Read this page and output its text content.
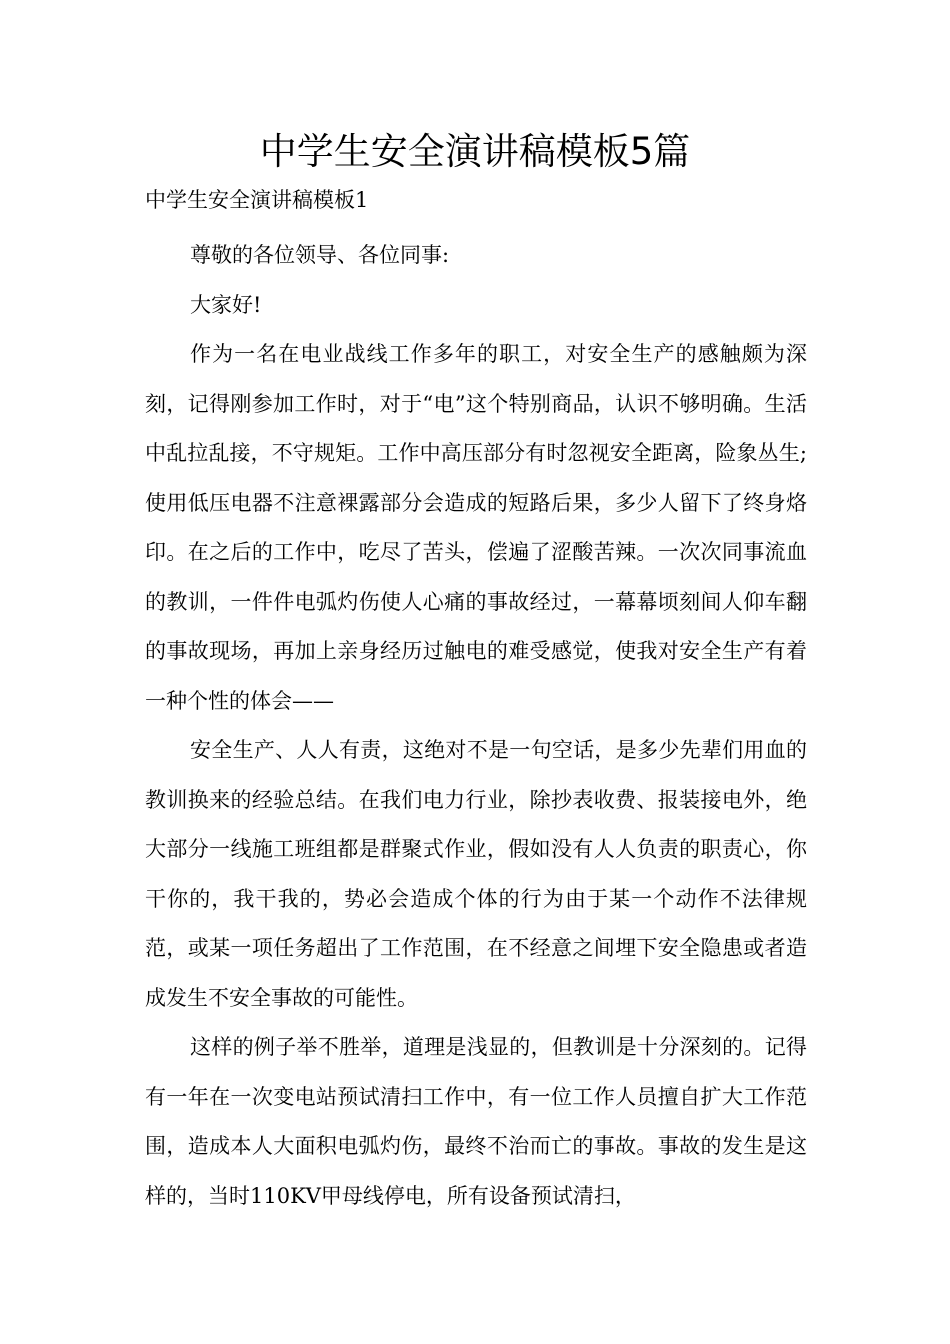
中学生安全演讲稿模板5篇
中学生安全演讲稿模板1

尊敬的各位领导、各位同事:

大家好!

作为一名在电业战线工作多年的职工，对安全生产的感触颇为深刻，记得刚参加工作时，对于“电”这个特别商品，认识不够明确。生活中乱拉乱接，不守规矩。工作中高压部分有时忽视安全距离，险象丛生;使用低压电器不注意裸露部分会造成的短路后果，多少人留下了终身烙印。在之后的工作中，吃尽了苦头，偿遍了涩酸苦辣。一次次同事流血的教训，一件件电弧灼伤使人心痛的事故经过，一幕幕顷刻间人仰车翻的事故现场，再加上亲身经历过触电的难受感觉，使我对安全生产有着一种个性的体会——

安全生产、人人有责，这绝对不是一句空话，是多少先辈们用血的教训换来的经验总结。在我们电力行业，除抄表收费、报装接电外，绝大部分一线施工班组都是群聚式作业，假如没有人人负责的职责心，你干你的，我干我的，势必会造成个体的行为由于某一个动作不法律规范，或某一项任务超出了工作范围，在不经意之间埋下安全隐患或者造成发生不安全事故的可能性。

这样的例子举不胜举，道理是浅显的，但教训是十分深刻的。记得有一年在一次变电站预试清扫工作中，有一位工作人员擅自扩大工作范围，造成本人大面积电弧灼伤，最终不治而亡的事故。事故的发生是这样的，当时110KV甲母线停电，所有设备预试清扫，
